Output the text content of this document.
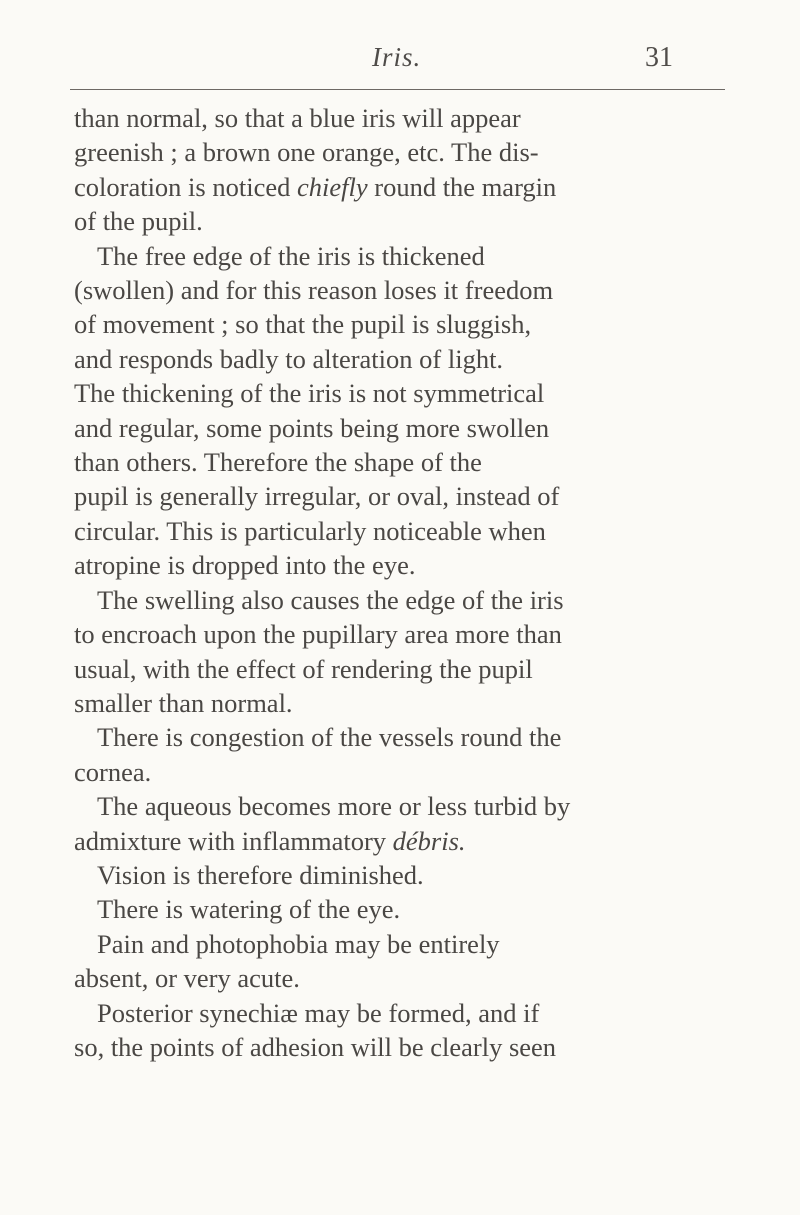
Iris.	31
than normal, so that a blue iris will appear
greenish ; a brown one orange, etc. The dis-
coloration is noticed chiefly round the margin
of the pupil.
The free edge of the iris is thickened
(swollen) and for this reason loses it freedom
of movement ; so that the pupil is sluggish,
and responds badly to alteration of light.
The thickening of the iris is not symmetrical
and regular, some points being more swollen
than others. Therefore the shape of the
pupil is generally irregular, or oval, instead of
circular. This is particularly noticeable when
atropine is dropped into the eye.
The swelling also causes the edge of the iris
to encroach upon the pupillary area more than
usual, with the effect of rendering the pupil
smaller than normal.
There is congestion of the vessels round the
cornea.
The aqueous becomes more or less turbid by
admixture with inflammatory débris.
Vision is therefore diminished.
There is watering of the eye.
Pain and photophobia may be entirely
absent, or very acute.
Posterior synechiæ may be formed, and if
so, the points of adhesion will be clearly seen
